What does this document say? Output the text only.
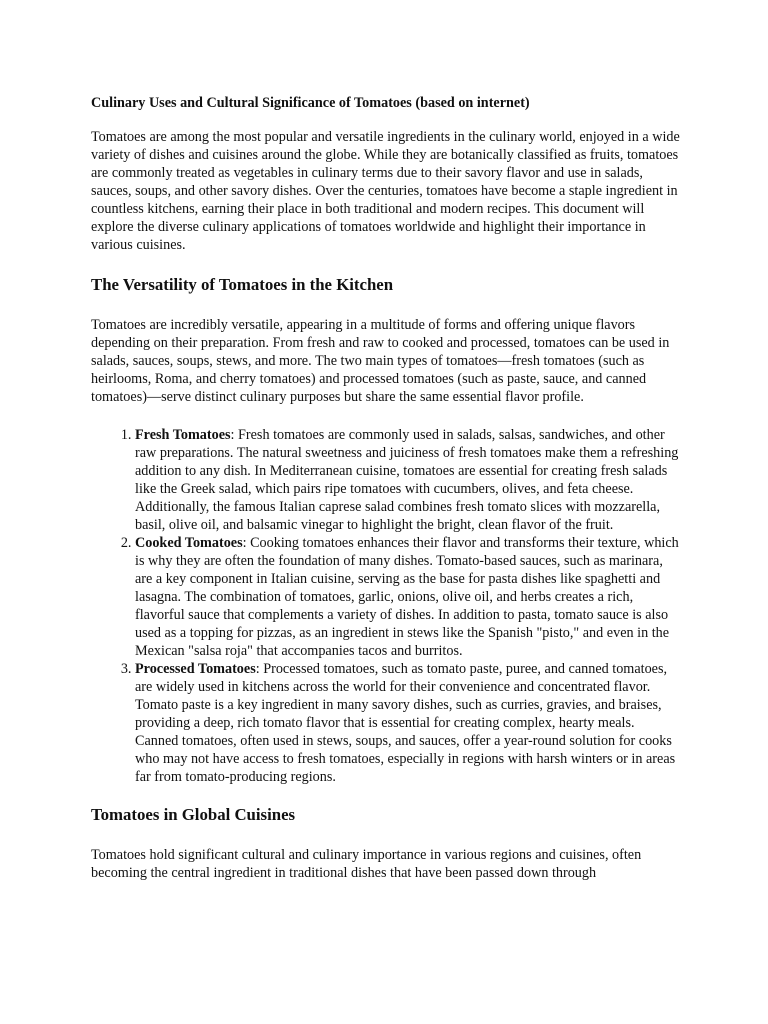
Culinary Uses and Cultural Significance of Tomatoes (based on internet)

Tomatoes are among the most popular and versatile ingredients in the culinary world, enjoyed in a wide variety of dishes and cuisines around the globe. While they are botanically classified as fruits, tomatoes are commonly treated as vegetables in culinary terms due to their savory flavor and use in salads, sauces, soups, and other savory dishes. Over the centuries, tomatoes have become a staple ingredient in countless kitchens, earning their place in both traditional and modern recipes. This document will explore the diverse culinary applications of tomatoes worldwide and highlight their importance in various cuisines.

The Versatility of Tomatoes in the Kitchen

Tomatoes are incredibly versatile, appearing in a multitude of forms and offering unique flavors depending on their preparation. From fresh and raw to cooked and processed, tomatoes can be used in salads, sauces, soups, stews, and more. The two main types of tomatoes—fresh tomatoes (such as heirlooms, Roma, and cherry tomatoes) and processed tomatoes (such as paste, sauce, and canned tomatoes)—serve distinct culinary purposes but share the same essential flavor profile.

1. Fresh Tomatoes: Fresh tomatoes are commonly used in salads, salsas, sandwiches, and other raw preparations. The natural sweetness and juiciness of fresh tomatoes make them a refreshing addition to any dish. In Mediterranean cuisine, tomatoes are essential for creating fresh salads like the Greek salad, which pairs ripe tomatoes with cucumbers, olives, and feta cheese. Additionally, the famous Italian caprese salad combines fresh tomato slices with mozzarella, basil, olive oil, and balsamic vinegar to highlight the bright, clean flavor of the fruit.
2. Cooked Tomatoes: Cooking tomatoes enhances their flavor and transforms their texture, which is why they are often the foundation of many dishes. Tomato-based sauces, such as marinara, are a key component in Italian cuisine, serving as the base for pasta dishes like spaghetti and lasagna. The combination of tomatoes, garlic, onions, olive oil, and herbs creates a rich, flavorful sauce that complements a variety of dishes. In addition to pasta, tomato sauce is also used as a topping for pizzas, as an ingredient in stews like the Spanish "pisto," and even in the Mexican "salsa roja" that accompanies tacos and burritos.
3. Processed Tomatoes: Processed tomatoes, such as tomato paste, puree, and canned tomatoes, are widely used in kitchens across the world for their convenience and concentrated flavor. Tomato paste is a key ingredient in many savory dishes, such as curries, gravies, and braises, providing a deep, rich tomato flavor that is essential for creating complex, hearty meals. Canned tomatoes, often used in stews, soups, and sauces, offer a year-round solution for cooks who may not have access to fresh tomatoes, especially in regions with harsh winters or in areas far from tomato-producing regions.
Tomatoes in Global Cuisines

Tomatoes hold significant cultural and culinary importance in various regions and cuisines, often becoming the central ingredient in traditional dishes that have been passed down through
